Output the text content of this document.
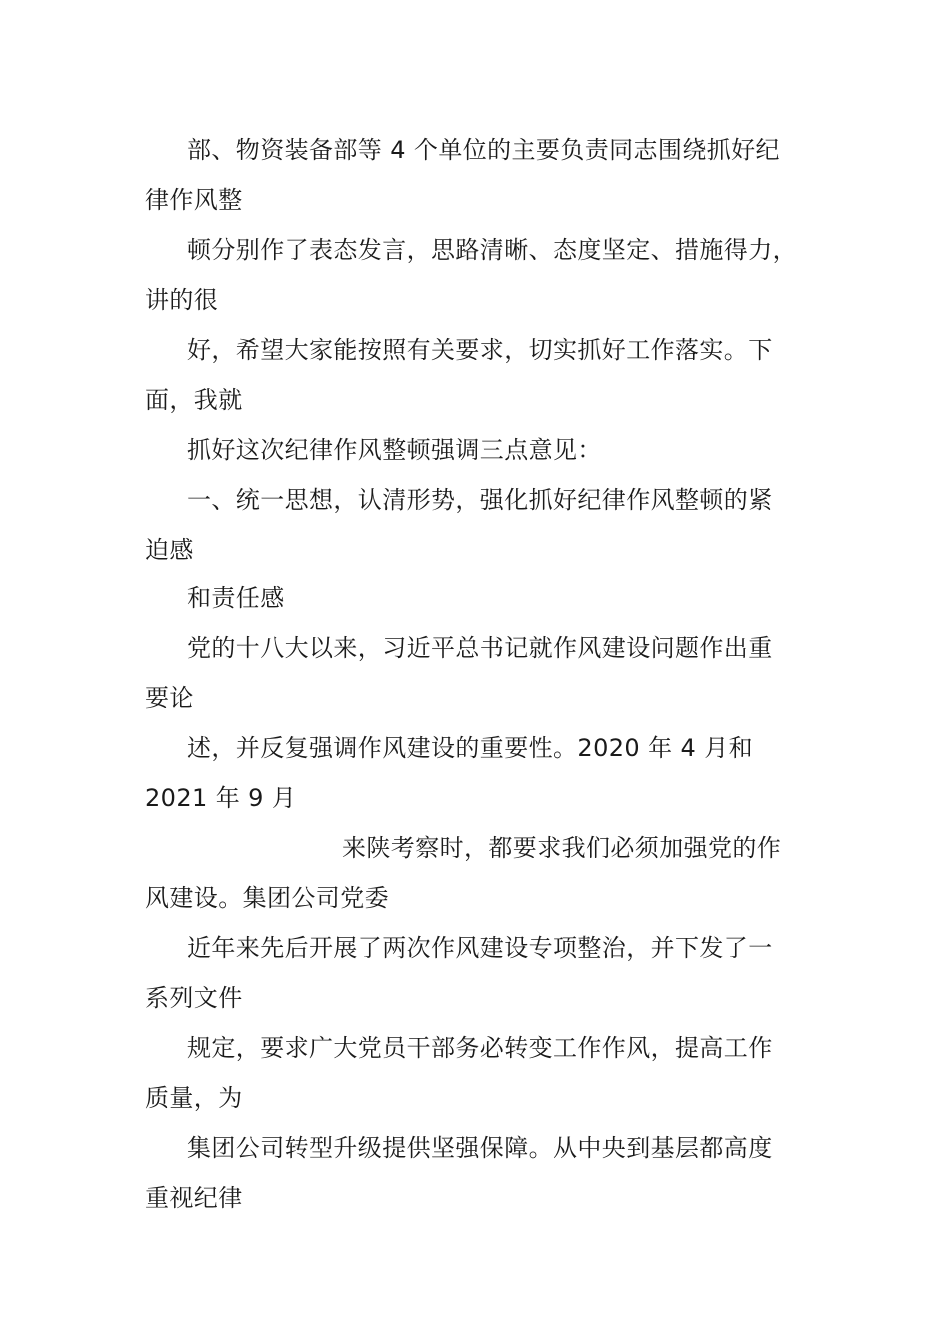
部、物资装备部等 4 个单位的主要负责同志围绕抓好纪
律作风整
顿分别作了表态发言，思路清晰、态度坚定、措施得力，
讲的很
好，希望大家能按照有关要求，切实抓好工作落实。下
面，我就
抓好这次纪律作风整顿强调三点意见：
一、统一思想，认清形势，强化抓好纪律作风整顿的紧
迫感
和责任感
党的十八大以来，习近平总书记就作风建设问题作出重
要论
述，并反复强调作风建设的重要性。2020 年 4 月和
2021 年 9 月
来陕考察时，都要求我们必须加强党的作
风建设。集团公司党委
近年来先后开展了两次作风建设专项整治，并下发了一
系列文件
规定，要求广大党员干部务必转变工作作风，提高工作
质量，为
集团公司转型升级提供坚强保障。从中央到基层都高度
重视纪律
